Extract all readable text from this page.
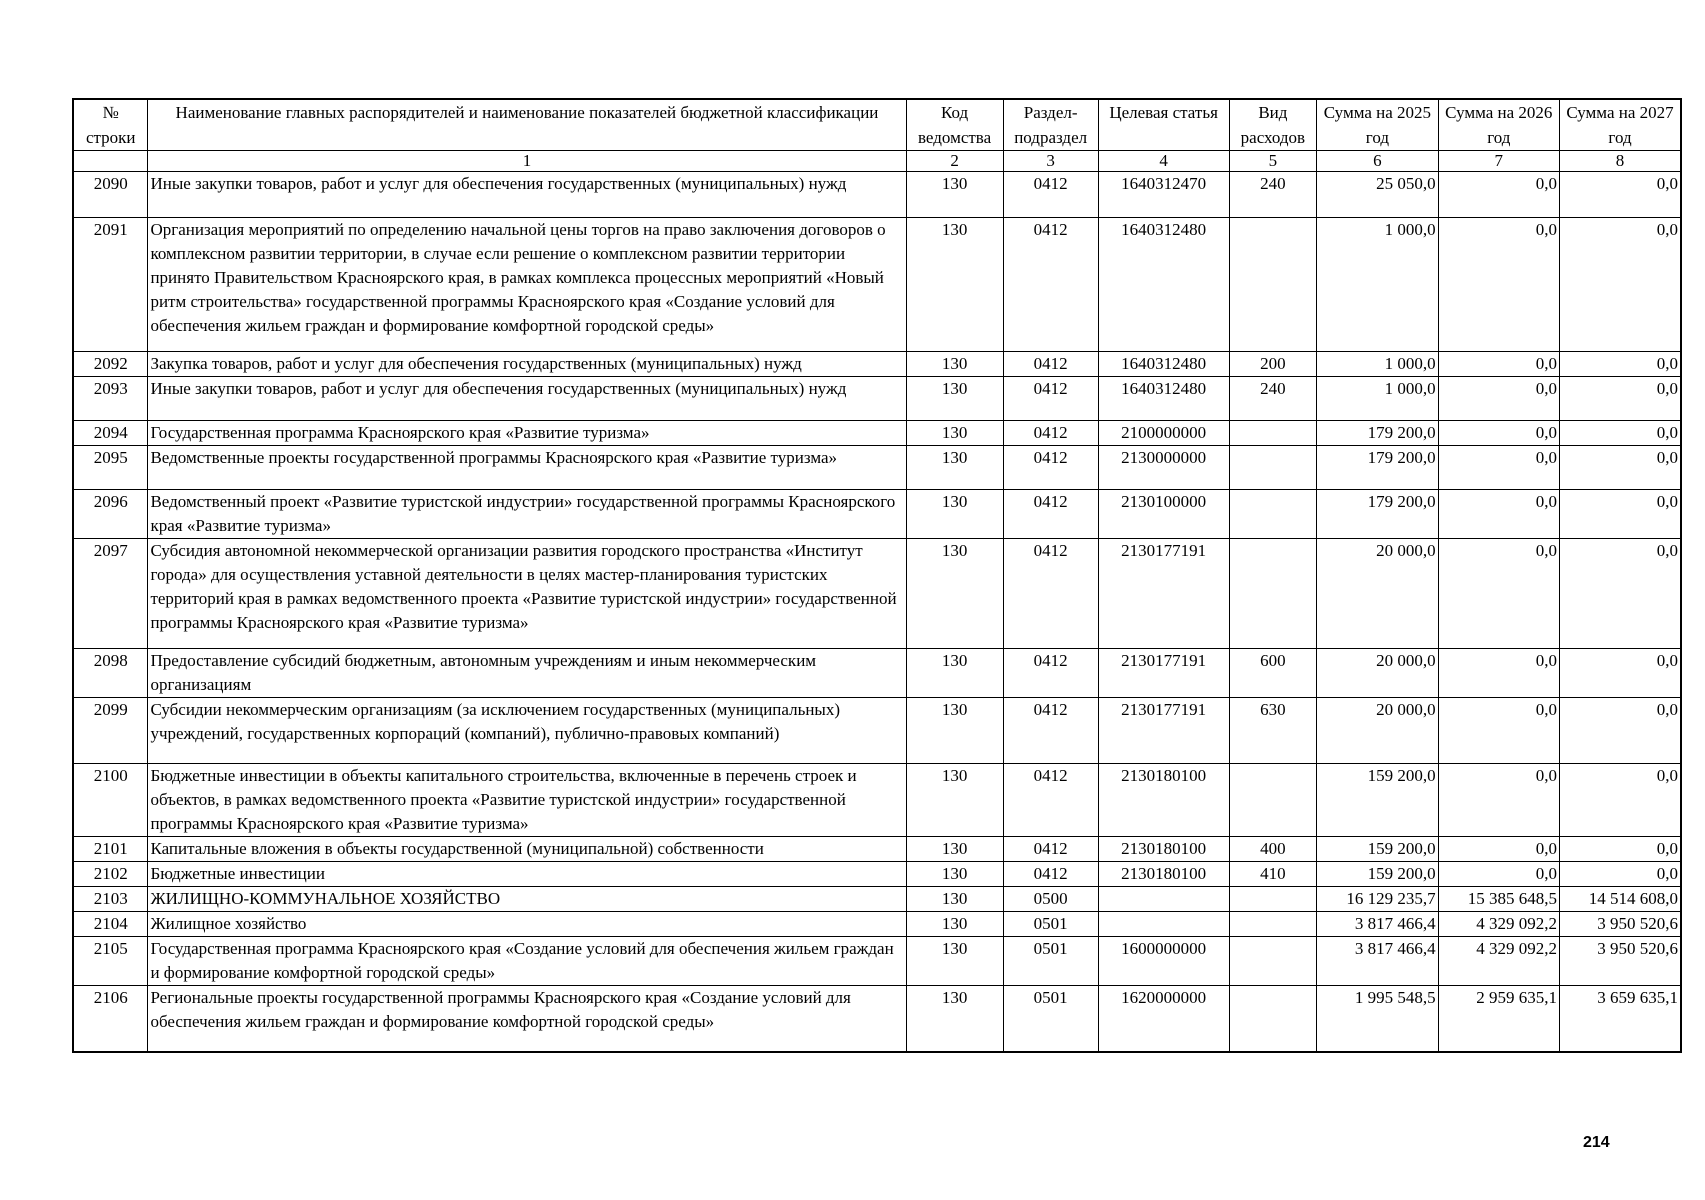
№ строки	Наименование главных распорядителей и наименование показателей бюджетной классификации	Код ведомства	Раздел-подраздел	Целевая статья	Вид расходов	Сумма на 2025 год	Сумма на 2026 год	Сумма на 2027 год
	1	2	3	4	5	6	7	8
2090	Иные закупки товаров, работ и услуг для обеспечения государственных (муниципальных) нужд	130	0412	1640312470	240	25 050,0	0,0	0,0
2091	Организация мероприятий по определению начальной цены торгов на право заключения договоров о комплексном развитии территории, в случае если решение о комплексном развитии территории принято Правительством Красноярского края, в рамках комплекса процессных мероприятий «Новый ритм строительства» государственной программы Красноярского края «Создание условий для обеспечения жильем граждан и формирование комфортной городской среды»	130	0412	1640312480		1 000,0	0,0	0,0
2092	Закупка товаров, работ и услуг для обеспечения государственных (муниципальных) нужд	130	0412	1640312480	200	1 000,0	0,0	0,0
2093	Иные закупки товаров, работ и услуг для обеспечения государственных (муниципальных) нужд	130	0412	1640312480	240	1 000,0	0,0	0,0
2094	Государственная программа Красноярского края «Развитие туризма»	130	0412	2100000000		179 200,0	0,0	0,0
2095	Ведомственные проекты государственной программы Красноярского края «Развитие туризма»	130	0412	2130000000		179 200,0	0,0	0,0
2096	Ведомственный проект «Развитие туристской индустрии» государственной программы Красноярского края «Развитие туризма»	130	0412	2130100000		179 200,0	0,0	0,0
2097	Субсидия автономной некоммерческой организации развития городского пространства «Институт города» для осуществления уставной деятельности в целях мастер-планирования туристских территорий края в рамках ведомственного проекта «Развитие туристской индустрии» государственной программы Красноярского края «Развитие туризма»	130	0412	2130177191		20 000,0	0,0	0,0
2098	Предоставление субсидий бюджетным, автономным учреждениям и иным некоммерческим организациям	130	0412	2130177191	600	20 000,0	0,0	0,0
2099	Субсидии некоммерческим организациям (за исключением государственных (муниципальных) учреждений, государственных корпораций (компаний), публично-правовых компаний)	130	0412	2130177191	630	20 000,0	0,0	0,0
2100	Бюджетные инвестиции в объекты капитального строительства, включенные в перечень строек и объектов, в рамках ведомственного проекта «Развитие туристской индустрии» государственной программы Красноярского края «Развитие туризма»	130	0412	2130180100		159 200,0	0,0	0,0
2101	Капитальные вложения в объекты государственной (муниципальной) собственности	130	0412	2130180100	400	159 200,0	0,0	0,0
2102	Бюджетные инвестиции	130	0412	2130180100	410	159 200,0	0,0	0,0
2103	ЖИЛИЩНО-КОММУНАЛЬНОЕ ХОЗЯЙСТВО	130	0500			16 129 235,7	15 385 648,5	14 514 608,0
2104	Жилищное хозяйство	130	0501			3 817 466,4	4 329 092,2	3 950 520,6
2105	Государственная программа Красноярского края «Создание условий для обеспечения жильем граждан и формирование комфортной городской среды»	130	0501	1600000000		3 817 466,4	4 329 092,2	3 950 520,6
2106	Региональные проекты государственной программы Красноярского края «Создание условий для обеспечения жильем граждан и формирование комфортной городской среды»	130	0501	1620000000		1 995 548,5	2 959 635,1	3 659 635,1
214
